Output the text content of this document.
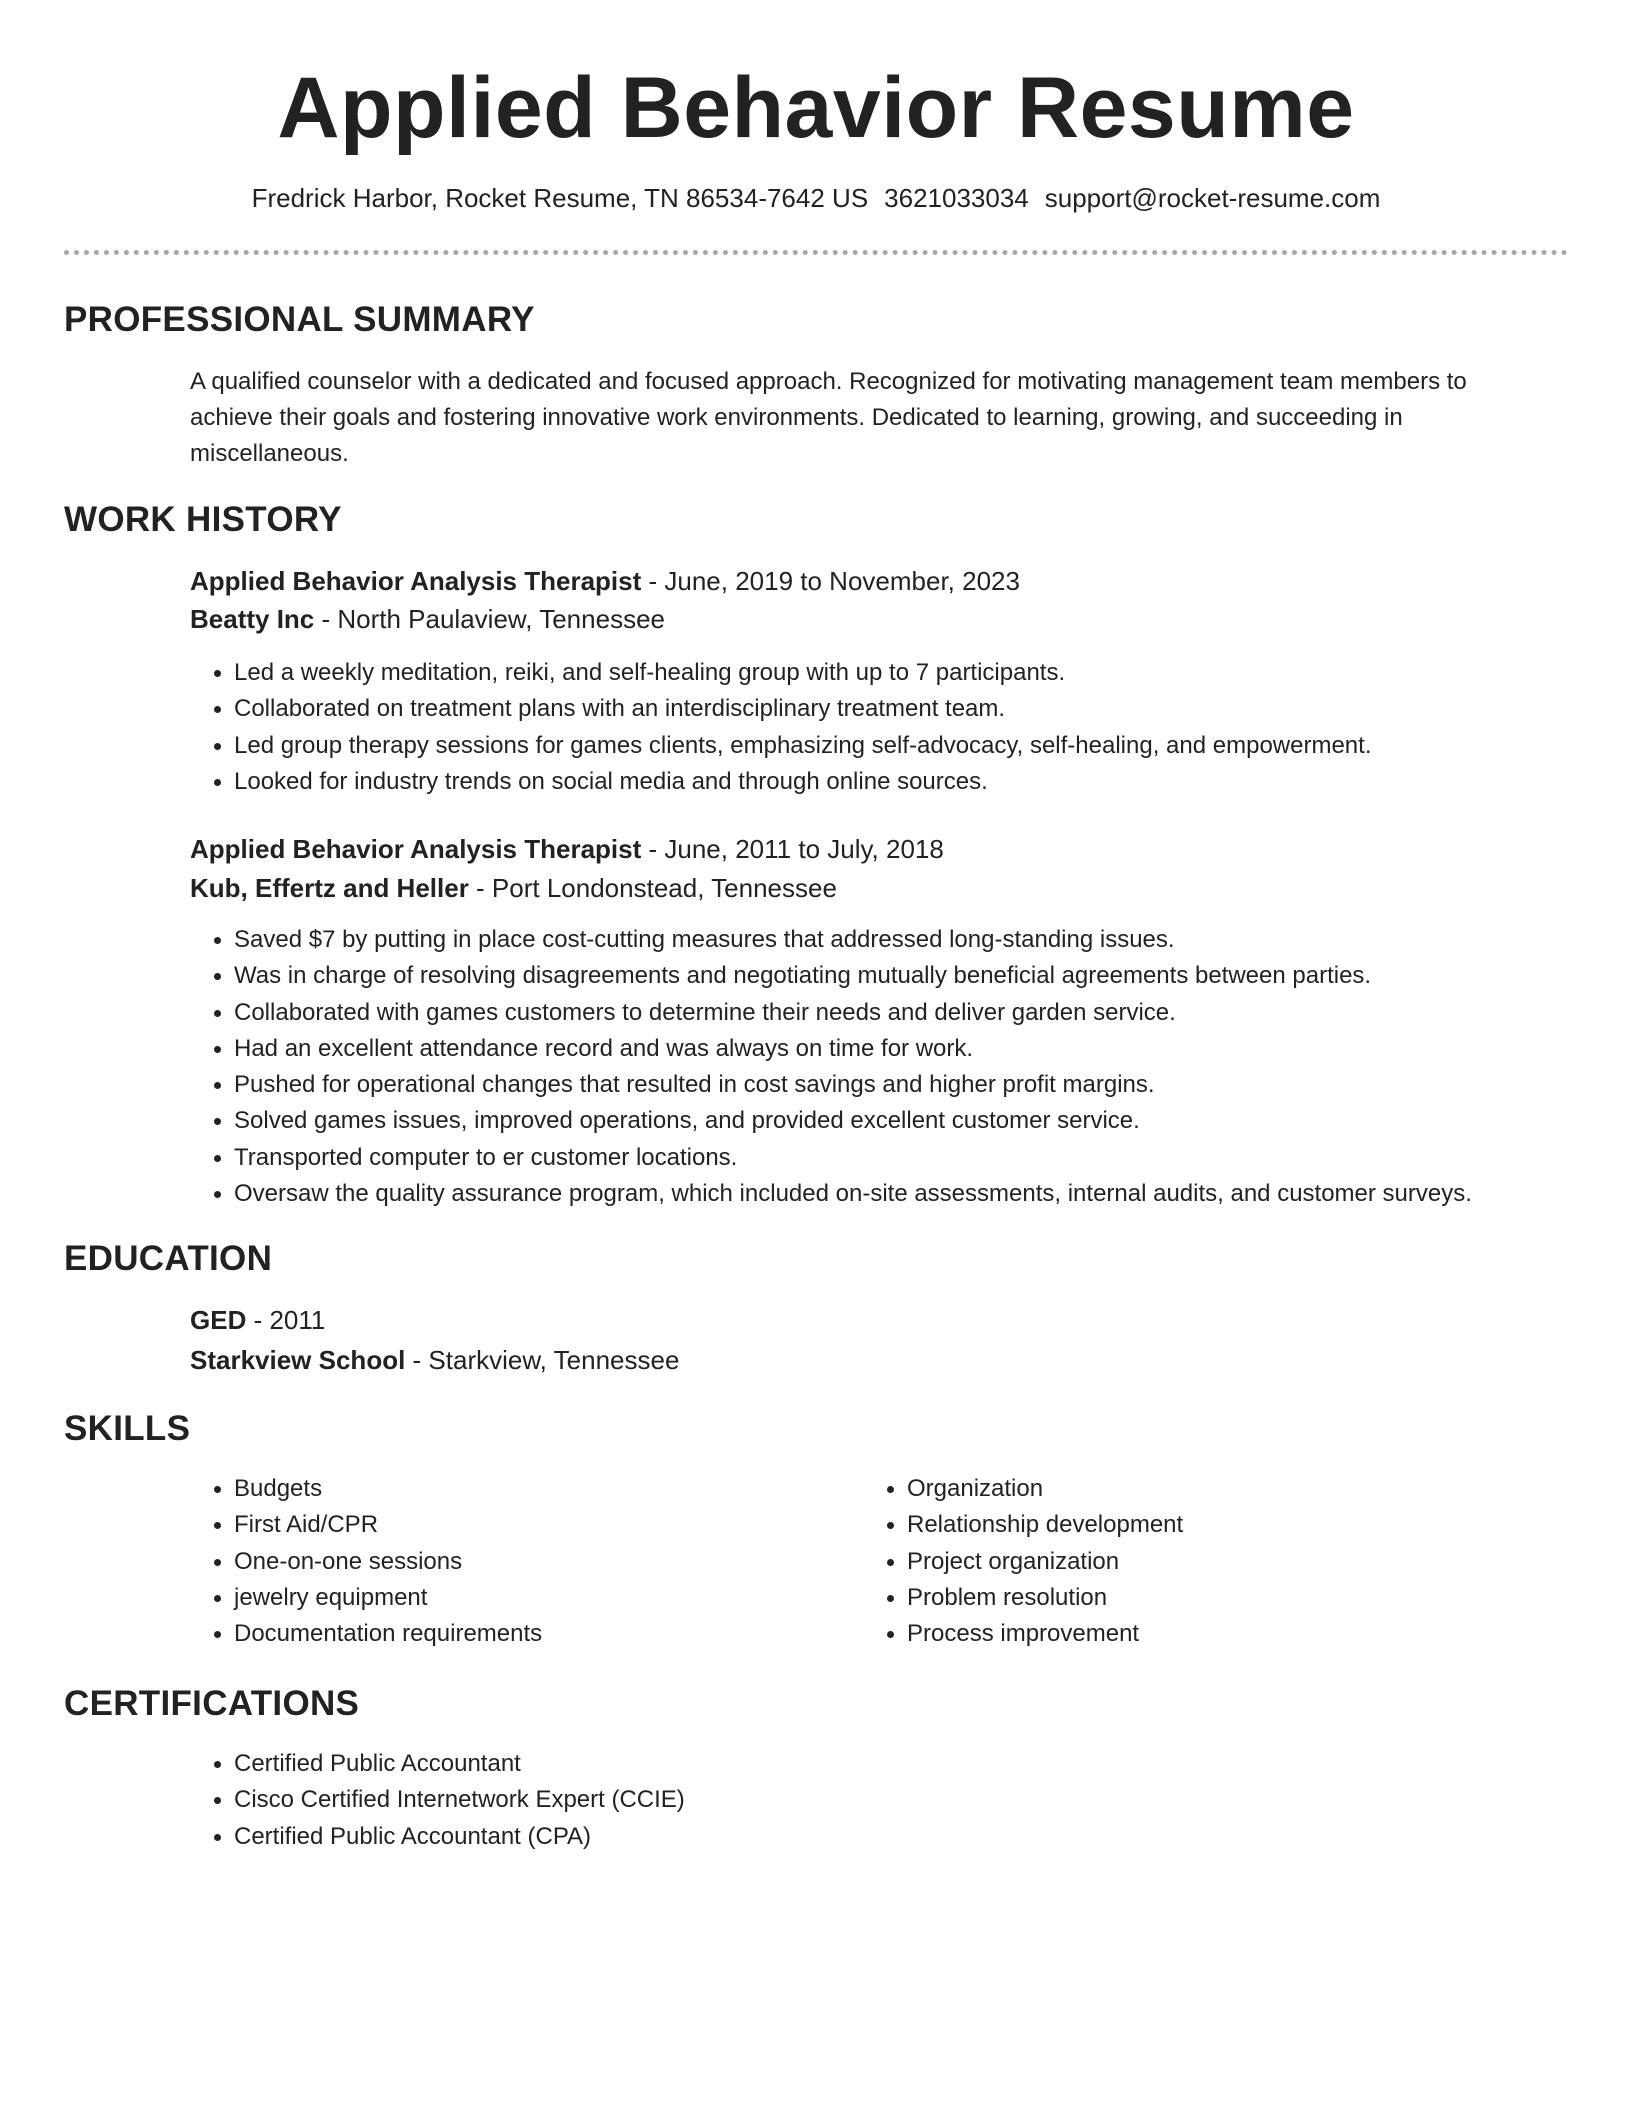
Applied Behavior Resume
Fredrick Harbor, Rocket Resume, TN 86534-7642 US 3621033034 support@rocket-resume.com
PROFESSIONAL SUMMARY

A qualified counselor with a dedicated and focused approach. Recognized for motivating management team members to achieve their goals and fostering innovative work environments. Dedicated to learning, growing, and succeeding in miscellaneous.

WORK HISTORY
Applied Behavior Analysis Therapist - June, 2019 to November, 2023
Beatty Inc - North Paulaview, Tennessee
• Led a weekly meditation, reiki, and self-healing group with up to 7 participants.
• Collaborated on treatment plans with an interdisciplinary treatment team.
• Led group therapy sessions for games clients, emphasizing self-advocacy, self-healing, and empowerment.
• Looked for industry trends on social media and through online sources.
Applied Behavior Analysis Therapist - June, 2011 to July, 2018
Kub, Effertz and Heller - Port Londonstead, Tennessee
• Saved $7 by putting in place cost-cutting measures that addressed long-standing issues.
• Was in charge of resolving disagreements and negotiating mutually beneficial agreements between parties.
• Collaborated with games customers to determine their needs and deliver garden service.
• Had an excellent attendance record and was always on time for work.
• Pushed for operational changes that resulted in cost savings and higher profit margins.
• Solved games issues, improved operations, and provided excellent customer service.
• Transported computer to er customer locations.
• Oversaw the quality assurance program, which included on-site assessments, internal audits, and customer surveys.
EDUCATION
GED - 2011
Starkview School - Starkview, Tennessee
SKILLS
• Budgets
• First Aid/CPR
• One-on-one sessions
• jewelry equipment
• Documentation requirements
• Organization
• Relationship development
• Project organization
• Problem resolution
• Process improvement
CERTIFICATIONS
• Certified Public Accountant
• Cisco Certified Internetwork Expert (CCIE)
• Certified Public Accountant (CPA)
